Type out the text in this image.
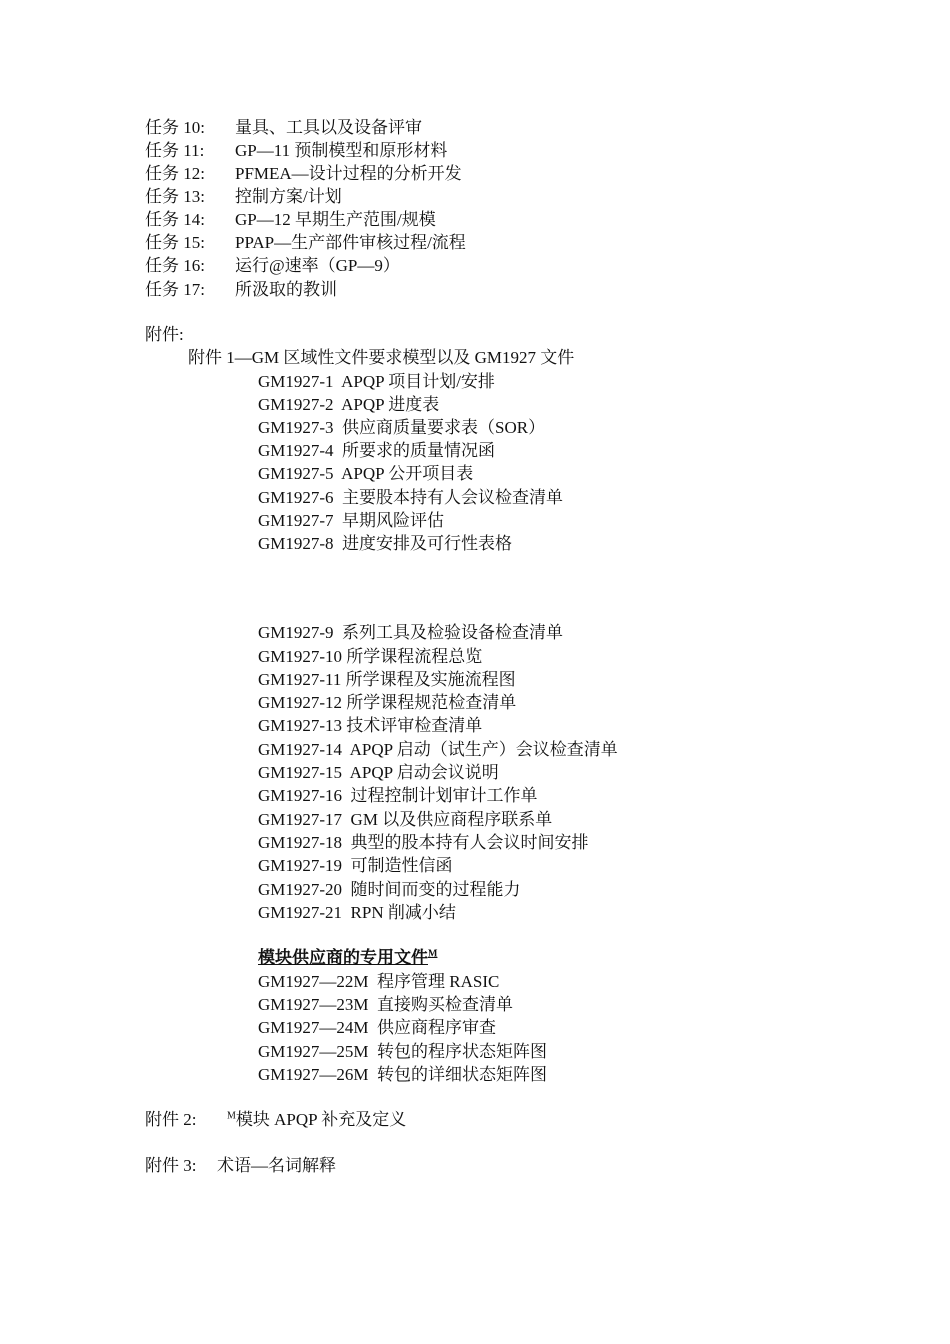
任务 10: 量具、工具以及设备评审
任务 11: GP—11 预制模型和原形材料
任务 12: PFMEA—设计过程的分析开发
任务 13: 控制方案/计划
任务 14: GP—12 早期生产范围/规模
任务 15: PPAP—生产部件审核过程/流程
任务 16: 运行@速率（GP—9）
任务 17: 所汲取的教训
附件:
附件 1—GM 区域性文件要求模型以及 GM1927 文件
GM1927-1  APQP 项目计划/安排
GM1927-2  APQP 进度表
GM1927-3  供应商质量要求表（SOR）
GM1927-4  所要求的质量情况函
GM1927-5  APQP 公开项目表
GM1927-6  主要股本持有人会议检查清单
GM1927-7  早期风险评估
GM1927-8  进度安排及可行性表格
GM1927-9  系列工具及检验设备检查清单
GM1927-10 所学课程流程总览
GM1927-11 所学课程及实施流程图
GM1927-12 所学课程规范检查清单
GM1927-13 技术评审检查清单
GM1927-14  APQP 启动（试生产）会议检查清单
GM1927-15  APQP 启动会议说明
GM1927-16  过程控制计划审计工作单
GM1927-17  GM 以及供应商程序联系单
GM1927-18  典型的股本持有人会议时间安排
GM1927-19  可制造性信函
GM1927-20  随时间而变的过程能力
GM1927-21  RPN 削减小结
模块供应商的专用文件$^M$
GM1927—22M  程序管理 RASIC
GM1927—23M  直接购买检查清单
GM1927—24M  供应商程序审查
GM1927—25M  转包的程序状态矩阵图
GM1927—26M  转包的详细状态矩阵图
附件 2:	$^M$模块 APQP 补充及定义
附件 3: 术语—名词解释
